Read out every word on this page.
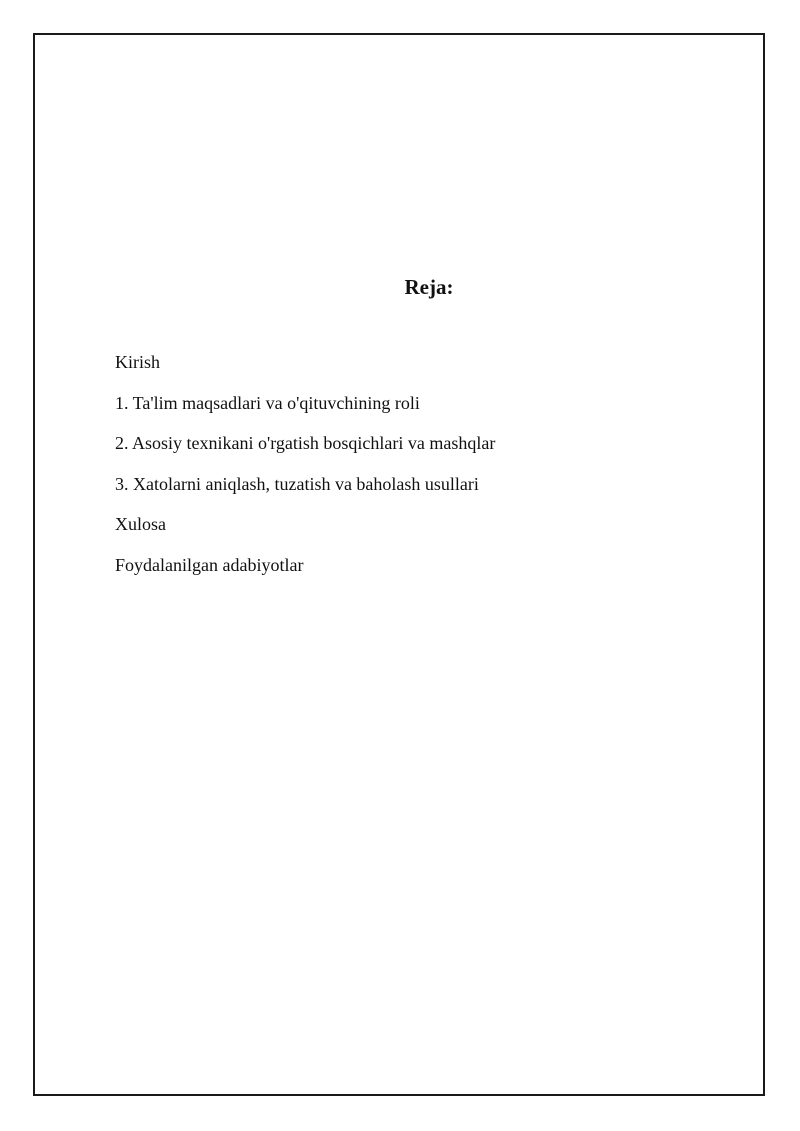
Reja:
Kirish
1. Ta'lim maqsadlari va o'qituvchining roli
2. Asosiy texnikani o'rgatish bosqichlari va mashqlar
3. Xatolarni aniqlash, tuzatish va baholash usullari
Xulosa
Foydalanilgan adabiyotlar
